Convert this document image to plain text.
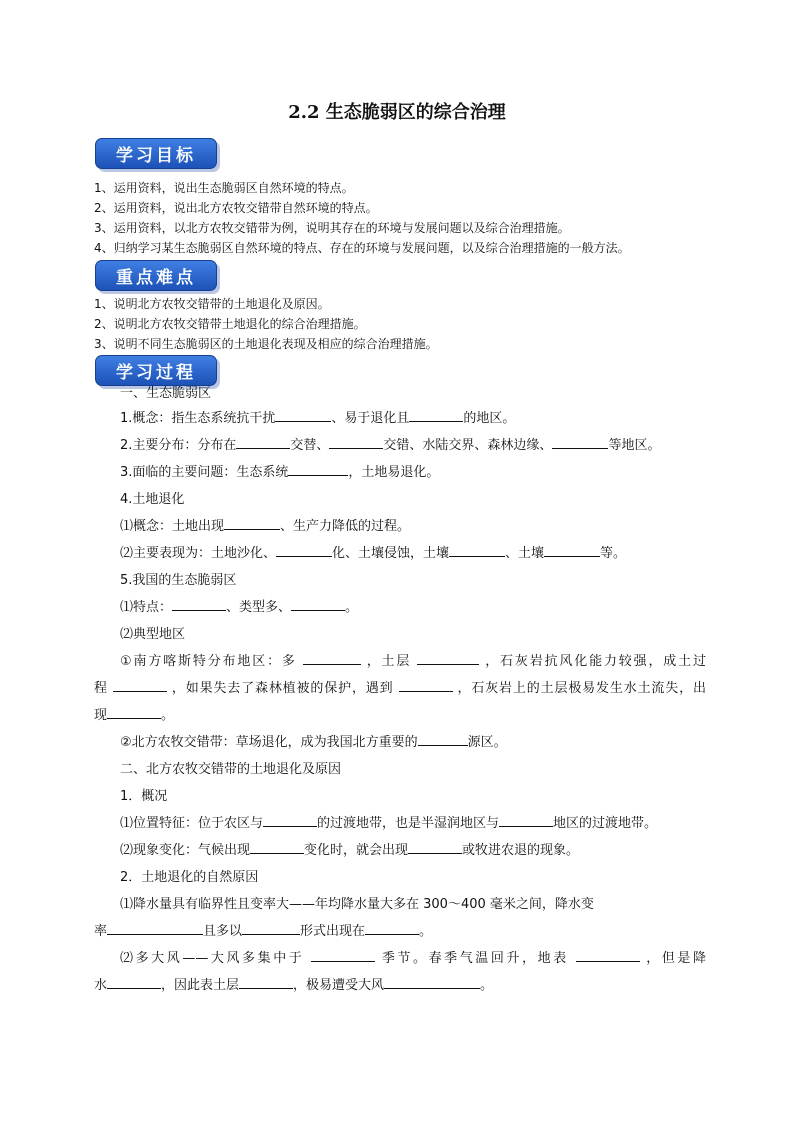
2.2 生态脆弱区的综合治理
学习目标
1、运用资料，说出生态脆弱区自然环境的特点。
2、运用资料，说出北方农牧交错带自然环境的特点。
3、运用资料，以北方农牧交错带为例，说明其存在的环境与发展问题以及综合治理措施。
4、归纳学习某生态脆弱区自然环境的特点、存在的环境与发展问题，以及综合治理措施的一般方法。
重点难点
1、说明北方农牧交错带的土地退化及原因。
2、说明北方农牧交错带土地退化的综合治理措施。
3、说明不同生态脆弱区的土地退化表现及相应的综合治理措施。
学习过程
一、生态脆弱区
1.概念：指生态系统抗干扰	、易于退化且	的地区。
2.主要分布：分布在	交替、	交错、水陆交界、森林边缘、	等地区。
3.面临的主要问题：生态系统	，土地易退化。
4.土地退化
⑴概念：土地出现	、生产力降低的过程。
⑵主要表现为：土地沙化、	化、土壤侵蚀，土壤	、土壤	等。
5.我国的生态脆弱区
⑴特点：	、类型多、	。
⑵典型地区
①南方喀斯特分布地区：多	，土层	，石灰岩抗风化能力较强，成土过
程	，如果失去了森林植被的保护，遇到	，石灰岩上的土层极易发生水土流失，出
现	。
②北方农牧交错带：草场退化，成为我国北方重要的	源区。
二、北方农牧交错带的土地退化及原因
1．概况
⑴位置特征：位于农区与	的过渡地带，也是半湿润地区与	地区的过渡地带。
⑵现象变化：气候出现	变化时，就会出现	或牧进农退的现象。
2．土地退化的自然原因
⑴降水量具有临界性且变率大——年均降水量大多在 300～400 毫米之间，降水变
率	且多以	形式出现在	。
⑵多大风——大风多集中于	季节。春季气温回升，地表	，但是降
水	，因此表土层	，极易遭受大风	。
